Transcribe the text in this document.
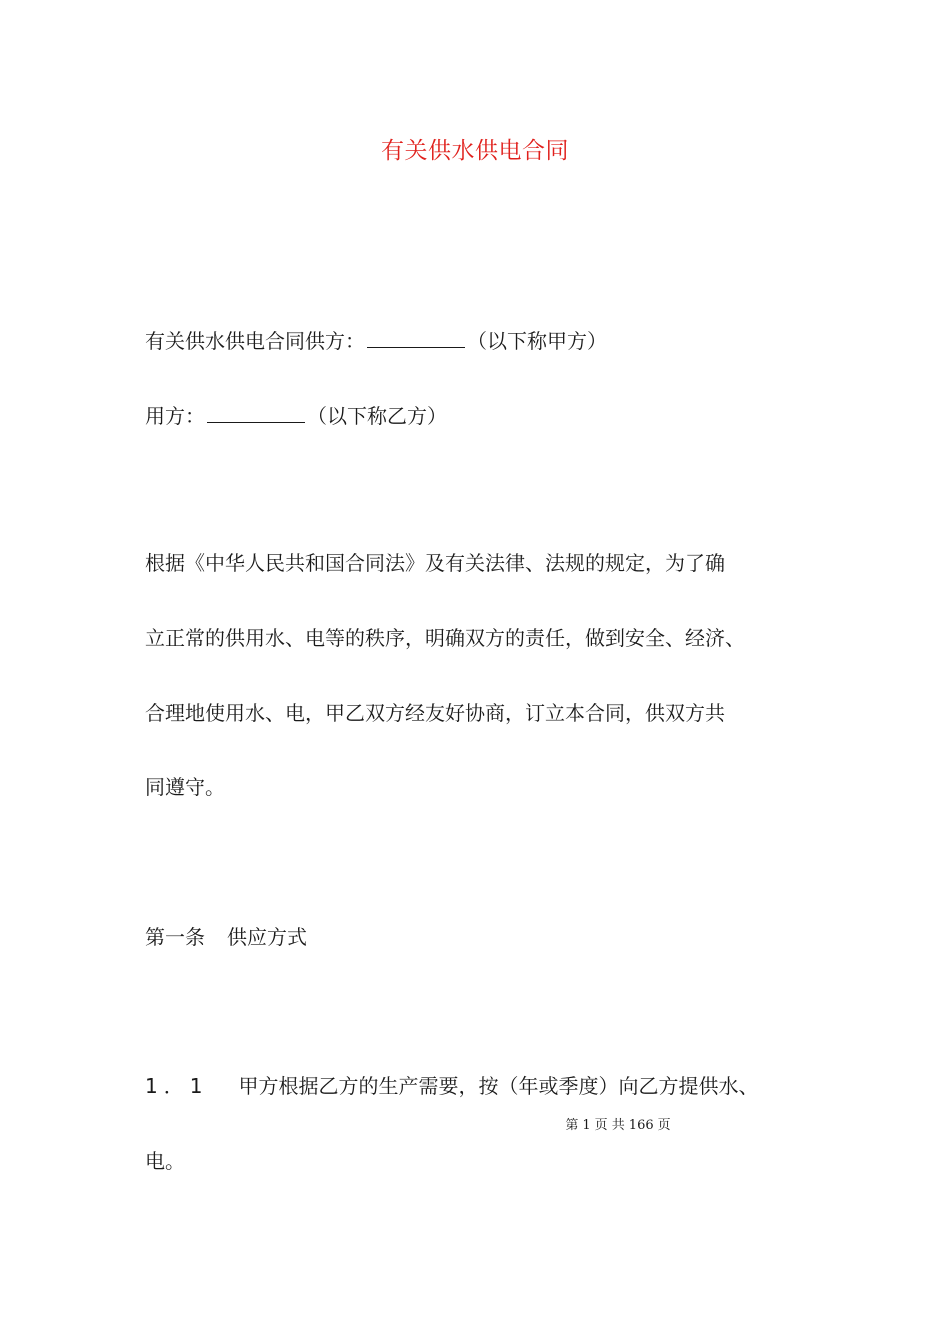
有关供水供电合同
有关供水供电合同供方：	（以下称甲方）
用方：	（以下称乙方）
根据《中华人民共和国合同法》及有关法律、法规的规定，为了确
立正常的供用水、电等的秩序，明确双方的责任，做到安全、经济、
合理地使用水、电，甲乙双方经友好协商，订立本合同，供双方共
同遵守。
第一条 供应方式
1．1 甲方根据乙方的生产需要，按（年或季度）向乙方提供水、
第 1 页 共 166 页
电。
